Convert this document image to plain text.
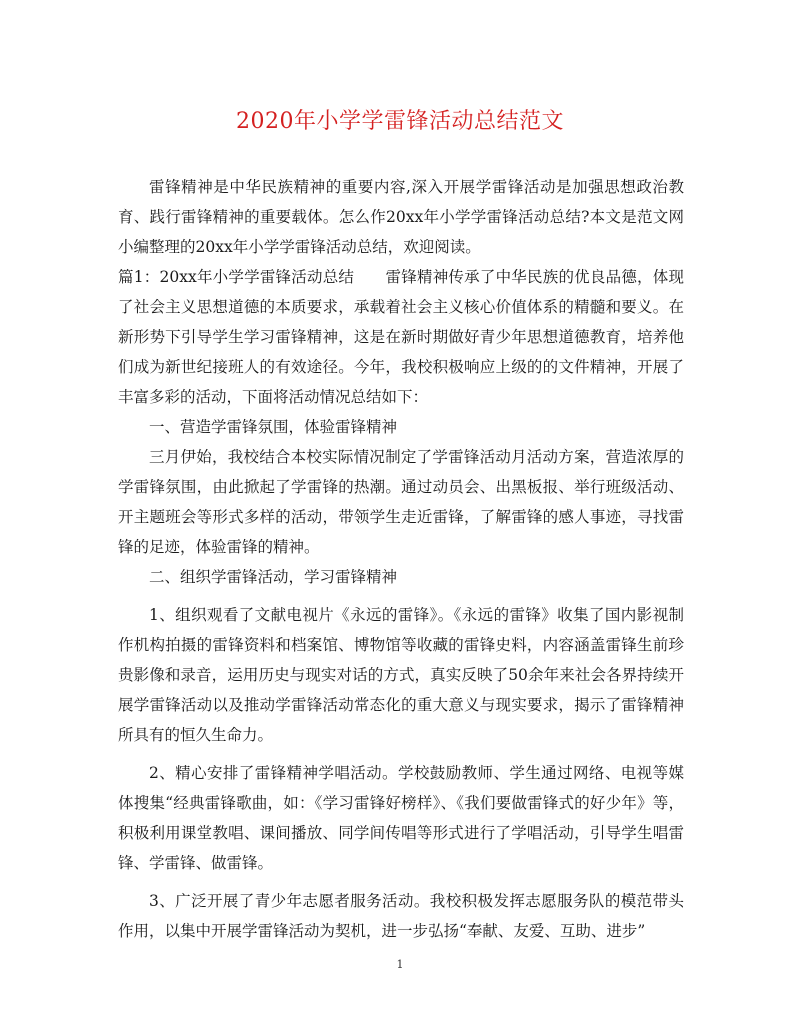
2020年小学学雷锋活动总结范文

雷锋精神是中华民族精神的重要内容,深入开展学雷锋活动是加强思想政治教育、践行雷锋精神的重要载体。怎么作20xx年小学学雷锋活动总结?本文是范文网小编整理的20xx年小学学雷锋活动总结，欢迎阅读。

篇1：20xx年小学学雷锋活动总结　　雷锋精神传承了中华民族的优良品德，体现了社会主义思想道德的本质要求，承载着社会主义核心价值体系的精髓和要义。在新形势下引导学生学习雷锋精神，这是在新时期做好青少年思想道德教育，培养他们成为新世纪接班人的有效途径。今年，我校积极响应上级的的文件精神，开展了丰富多彩的活动，下面将活动情况总结如下：

一、营造学雷锋氛围，体验雷锋精神

三月伊始，我校结合本校实际情况制定了学雷锋活动月活动方案，营造浓厚的学雷锋氛围，由此掀起了学雷锋的热潮。通过动员会、出黑板报、举行班级活动、开主题班会等形式多样的活动，带领学生走近雷锋，了解雷锋的感人事迹，寻找雷锋的足迹，体验雷锋的精神。

二、组织学雷锋活动，学习雷锋精神

1、组织观看了文献电视片《永远的雷锋》。《永远的雷锋》收集了国内影视制作机构拍摄的雷锋资料和档案馆、博物馆等收藏的雷锋史料，内容涵盖雷锋生前珍贵影像和录音，运用历史与现实对话的方式，真实反映了50余年来社会各界持续开展学雷锋活动以及推动学雷锋活动常态化的重大意义与现实要求，揭示了雷锋精神所具有的恒久生命力。

2、精心安排了雷锋精神学唱活动。学校鼓励教师、学生通过网络、电视等媒体搜集“经典雷锋歌曲，如：《学习雷锋好榜样》、《我们要做雷锋式的好少年》等，积极利用课堂教唱、课间播放、同学间传唱等形式进行了学唱活动，引导学生唱雷锋、学雷锋、做雷锋。

3、广泛开展了青少年志愿者服务活动。我校积极发挥志愿服务队的模范带头作用，以集中开展学雷锋活动为契机，进一步弘扬“奉献、友爱、互助、进步”

1
